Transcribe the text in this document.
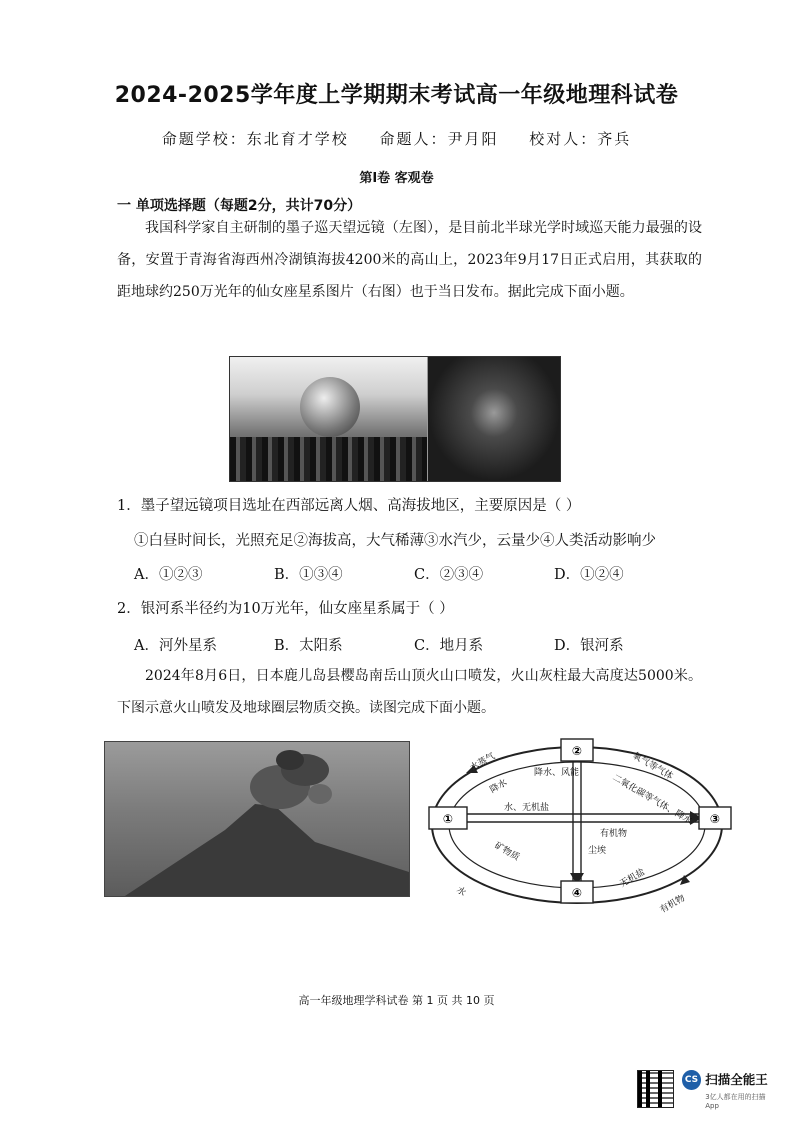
2024-2025学年度上学期期末考试高一年级地理科试卷
命题学校：东北育才学校 命题人：尹月阳 校对人：齐兵
第Ⅰ卷 客观卷
一 单项选择题（每题2分，共计70分）
我国科学家自主研制的墨子巡天望远镜（左图），是目前北半球光学时域巡天能力最强的设备，安置于青海省海西州冷湖镇海拔4200米的高山上，2023年9月17日正式启用，其获取的距地球约250万光年的仙女座星系图片（右图）也于当日发布。据此完成下面小题。
1．墨子望远镜项目选址在西部远离人烟、高海拔地区，主要原因是（ ）
①白昼时间长，光照充足②海拔高，大气稀薄③水汽少，云量少④人类活动影响少
A．①②③	B．①③④	C．②③④	D．①②④
2．银河系半径约为10万光年，仙女座星系属于（ ）
A．河外星系	B．太阳系	C．地月系	D．银河系
2024年8月6日，日本鹿儿岛县樱岛南岳山顶火山口喷发，火山灰柱最大高度达5000米。下图示意火山喷发及地球圈层物质交换。读图完成下面小题。
②
①	③
④
水蒸气
降水
降水、风能	氧气等气体
二氧化碳等气体、降水
水、无机盐
有机物
尘埃
矿物质
水
无机盐
有机物
高一年级地理学科试卷 第 1 页 共 10 页
CS 扫描全能王
3亿人都在用的扫描App
